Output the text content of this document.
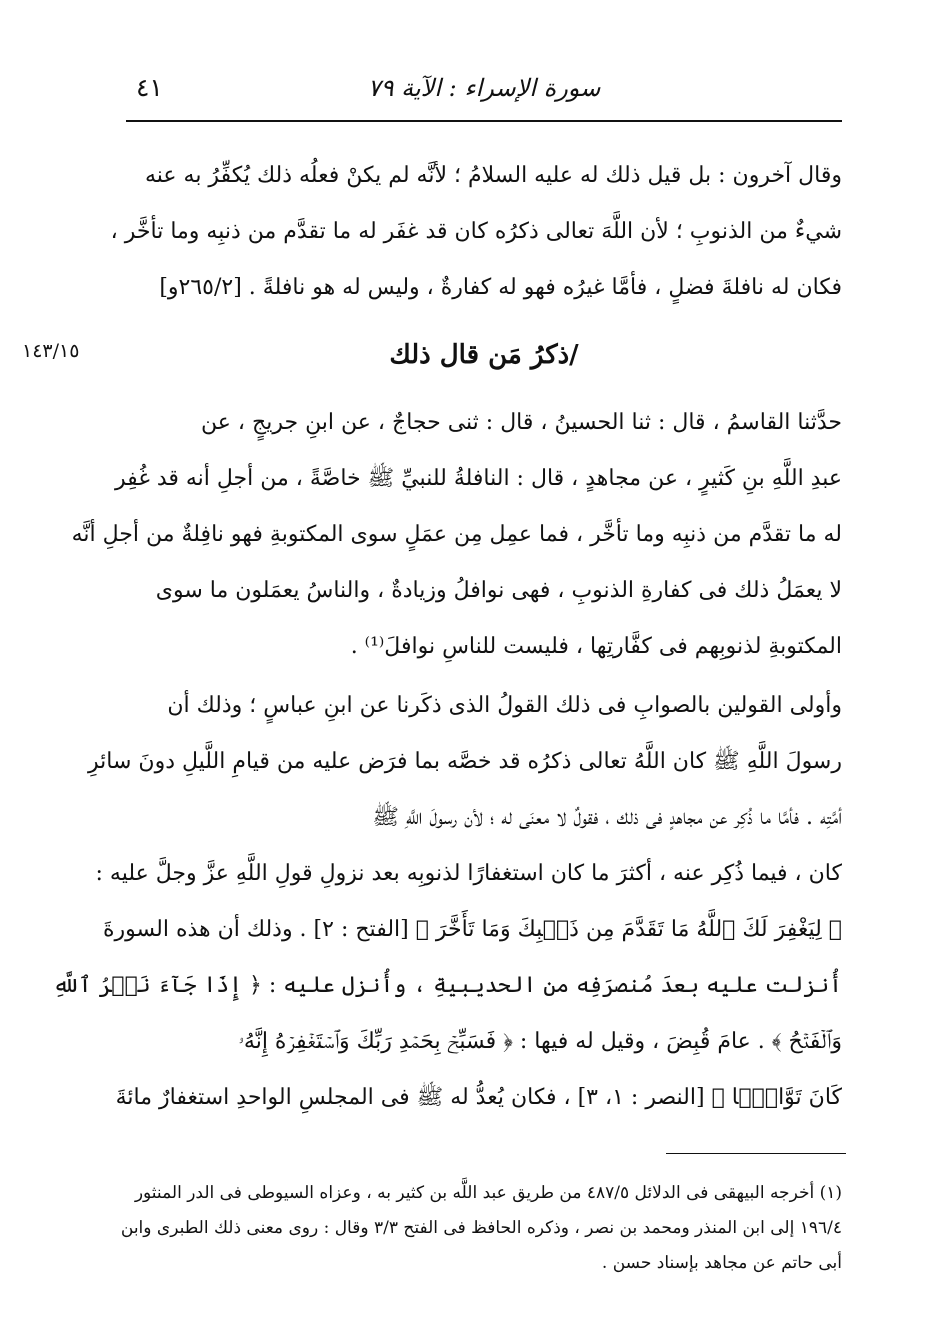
سورة الإسراء : الآية ٧٩
٤١
وقال آخرون : بل قيل ذلك له عليه السلامُ ؛ لأنَّه لم يكنْ فعلُه ذلك يُكفِّرُ به عنه
شيءٌ من الذنوبِ ؛ لأن اللَّهَ تعالى ذكرُه كان قد غفَر له ما تقدَّم من ذنبِه وما تأخَّر ،
فكان له نافلةَ فضلٍ ، فأمَّا غيرُه فهو له كفارةٌ ، وليس له هو نافلةً . [٢٦٥/٢و]
١٤٣/١٥	/ذكرُ مَن قال ذلك
حدَّثنا القاسمُ ، قال : ثنا الحسينُ ، قال : ثنى حجاجٌ ، عن ابنِ جريجٍ ، عن
عبدِ اللَّهِ بنِ كَثيرٍ ، عن مجاهدٍ ، قال : النافلةُ للنبيِّ ﷺ خاصَّةً ، من أجلِ أنه قد غُفِر
له ما تقدَّم من ذنبِه وما تأخَّر ، فما عمِل مِن عمَلٍ سوى المكتوبةِ فهو نافِلةٌ من أجلِ أنَّه
لا يعمَلُ ذلك فى كفارةِ الذنوبِ ، فهى نوافلُ وزيادةٌ ، والناسُ يعمَلون ما سوى
المكتوبةِ لذنوبِهم فى كفَّارتِها ، فليست للناسِ نوافلَ⁽¹⁾ .
وأولى القولين بالصوابِ فى ذلك القولُ الذى ذكَرنا عن ابنِ عباسٍ ؛ وذلك أن
رسولَ اللَّهِ ﷺ كان اللَّهُ تعالى ذكرُه قد خصَّه بما فرَض عليه من قيامِ اللَّيلِ دونَ سائرِ
أمَّتِه . فأمَّا ما ذُكِر عن مجاهدٍ فى ذلك ، فقولٌ لا معنَى له ؛ لأن رسولَ اللَّهِ ﷺ
كان ، فيما ذُكِر عنه ، أكثرَ ما كان استغفارًا لذنوبِه بعد نزولِ قولِ اللَّهِ عزَّ وجلَّ عليه :
﴿ لِيَغْفِرَ لَكَ ٱللَّهُ مَا تَقَدَّمَ مِن ذَنۢبِكَ وَمَا تَأَخَّرَ ﴾ [الفتح : ٢] . وذلك أن هذه السورةَ
أُنزلت عليه بعدَ مُنصرَفِه من الحديبيةِ ، وأُنزل عليه : ﴿ إِذَا جَآءَ نَصۡرُ ٱللَّهِ
وَٱلۡفَتۡحُ ﴾ . عامَ قُبِضَ ، وقيل له فيها : ﴿ فَسَبِّحۡ بِحَمۡدِ رَبِّكَ وَٱسۡتَغۡفِرۡهُ إِنَّهُۥ
كَانَ تَوَّابَۢا ﴾ [النصر : ١، ٣] ، فكان يُعدُّ له ﷺ فى المجلسِ الواحدِ استغفارٌ مائةَ
(١) أخرجه البيهقى فى الدلائل ٤٨٧/٥ من طريق عبد اللَّه بن كثير به ، وعزاه السيوطى فى الدر المنثور
١٩٦/٤ إلى ابن المنذر ومحمد بن نصر ، وذكره الحافظ فى الفتح ٣/٣ وقال : روى معنى ذلك الطبرى وابن
أبى حاتم عن مجاهد بإسناد حسن .
